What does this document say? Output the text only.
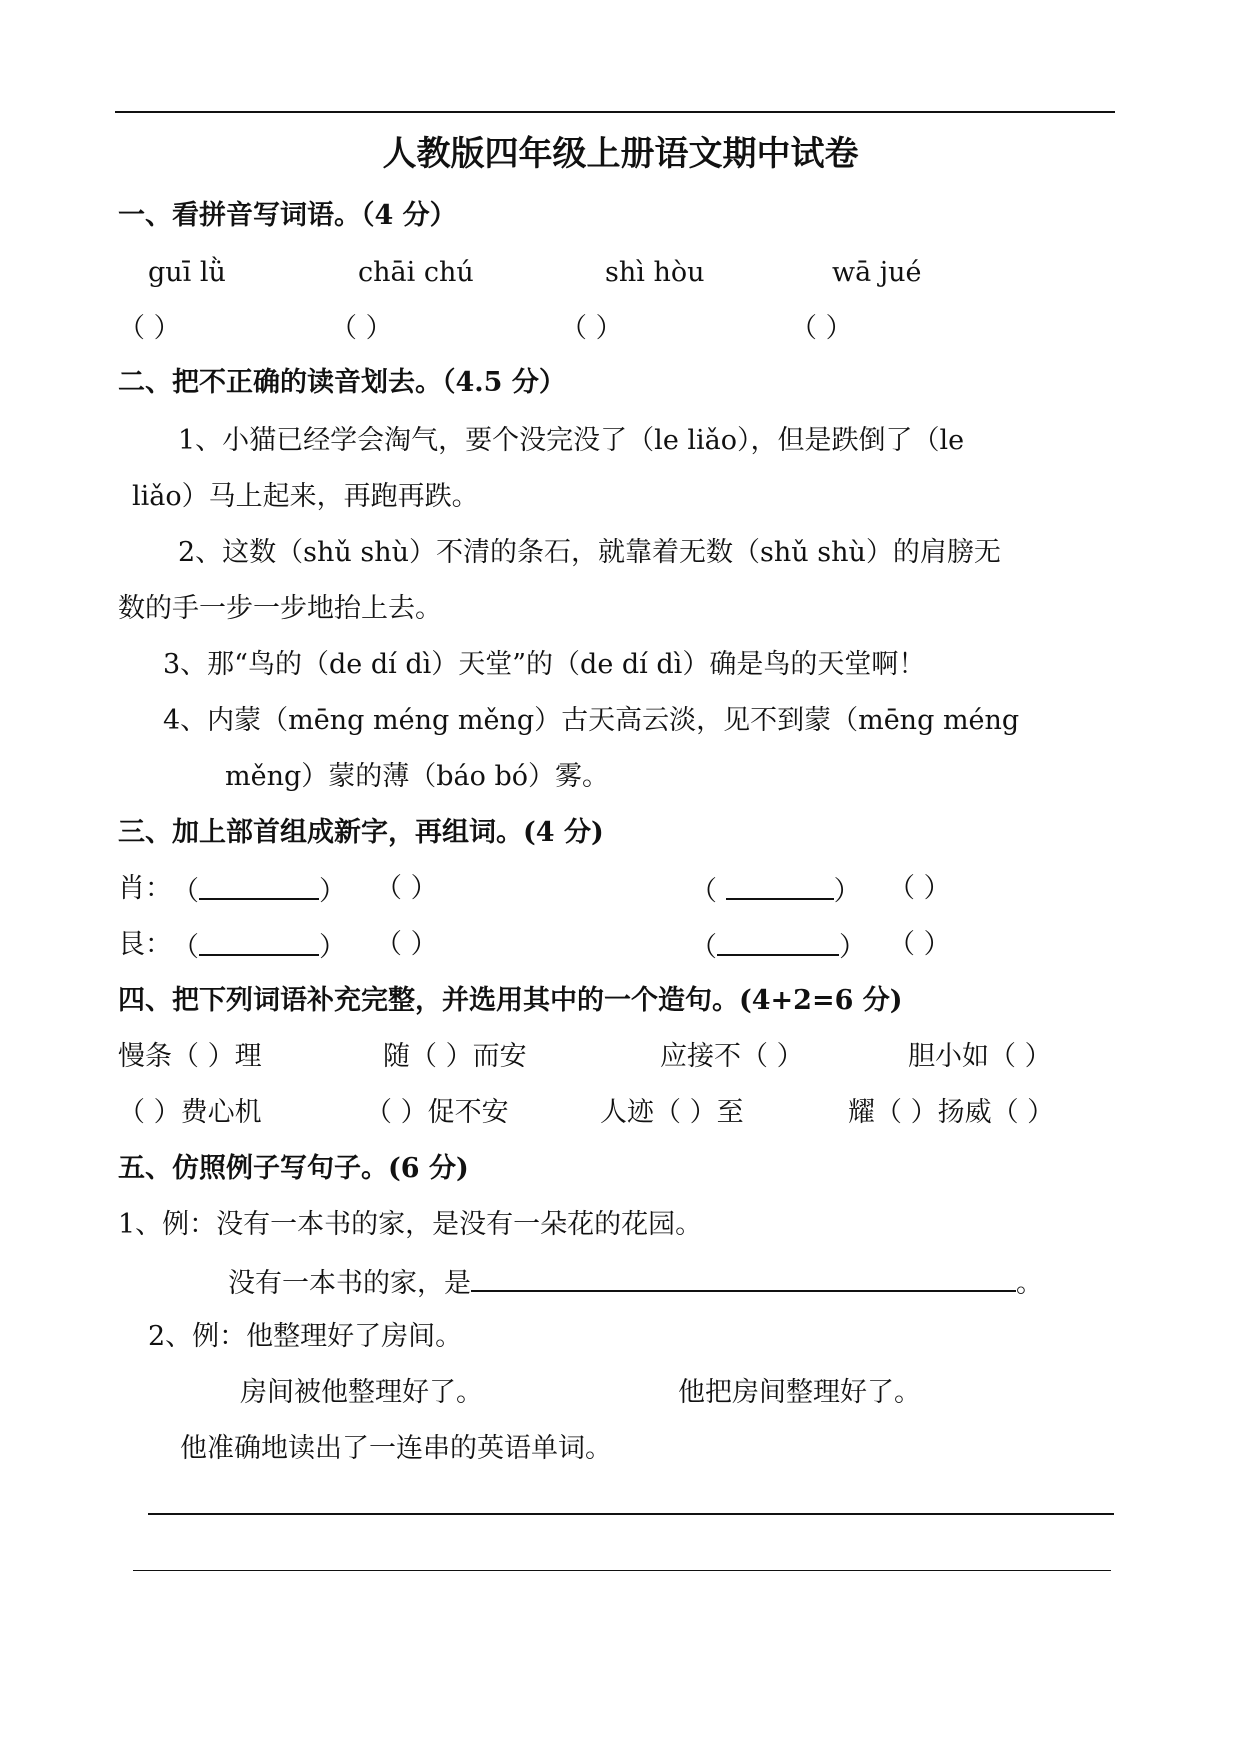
人教版四年级上册语文期中试卷
一、看拼音写词语。（4 分）
guī lǜ	chāi chú	shì hòu	wā jué
（ ）	（ ）	（ ）	（ ）
二、把不正确的读音划去。（4.5 分）
1、小猫已经学会淘气，要个没完没了（le liǎo），但是跌倒了（le
liǎo）马上起来，再跑再跌。
2、这数（shǔ shù）不清的条石，就靠着无数（shǔ shù）的肩膀无
数的手一步一步地抬上去。
3、那“鸟的（de dí dì）天堂”的（de dí dì）确是鸟的天堂啊！
4、内蒙（mēng méng měng）古天高云淡，见不到蒙（mēng méng
měng）蒙的薄（báo bó）雾。
三、加上部首组成新字，再组词。(4 分)
肖： （	） （ ）	（	） （ ）
艮： （	） （ ）	（	） （ ）
四、把下列词语补充完整，并选用其中的一个造句。(4+2=6 分)
慢条（ ）理	随（ ）而安	应接不（ ）	胆小如（ ）
（ ）费心机	（ ）促不安	人迹（ ）至	耀（ ）扬威（ ）
五、仿照例子写句子。(6 分)
1、例：没有一本书的家，是没有一朵花的花园。
没有一本书的家，是	。
2、例：他整理好了房间。
房间被他整理好了。	他把房间整理好了。
他准确地读出了一连串的英语单词。
